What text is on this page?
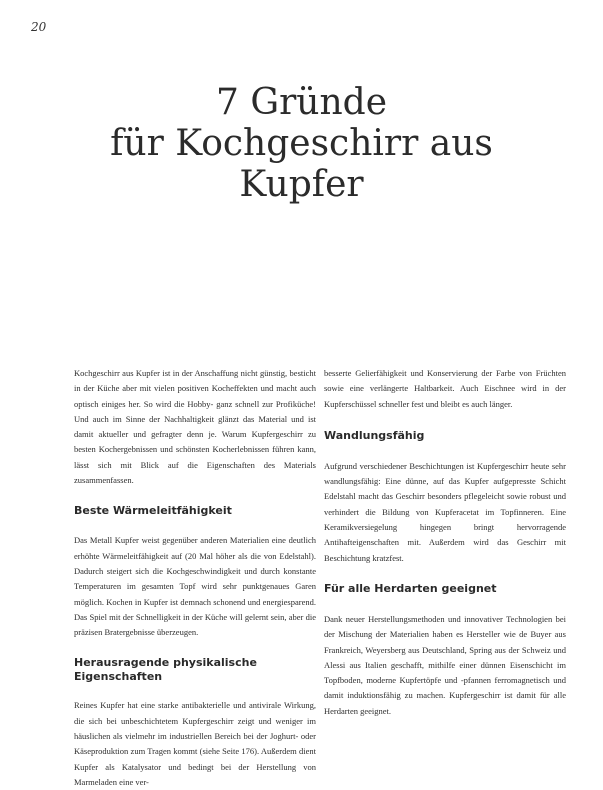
20
7 Gründe
für Kochgeschirr aus
Kupfer

Kochgeschirr aus Kupfer ist in der Anschaffung nicht günstig, besticht in der Küche aber mit vielen positiven Kocheffekten und macht auch optisch einiges her. So wird die Hobby- ganz schnell zur Profiküche! Und auch im Sinne der Nachhaltigkeit glänzt das Material und ist damit aktueller und gefragter denn je. Warum Kupfergeschirr zu besten Kochergebnissen und schönsten Kocherlebnissen führen kann, lässt sich mit Blick auf die Eigenschaften des Materials zusammenfassen.

Beste Wärmeleitfähigkeit

Das Metall Kupfer weist gegenüber anderen Materialien eine deutlich erhöhte Wärmeleitfähigkeit auf (20 Mal höher als die von Edelstahl). Dadurch steigert sich die Kochgeschwindigkeit und durch konstante Temperaturen im gesamten Topf wird sehr punktgenaues Garen möglich. Kochen in Kupfer ist demnach schonend und energiesparend. Das Spiel mit der Schnelligkeit in der Küche will gelernt sein, aber die präzisen Bratergebnisse überzeugen.

Herausragende physikalische Eigenschaften

Reines Kupfer hat eine starke antibakterielle und antivirale Wirkung, die sich bei unbeschichtetem Kupfergeschirr zeigt und weniger im häuslichen als vielmehr im industriellen Bereich bei der Joghurt- oder Käseproduktion zum Tragen kommt (siehe Seite 176). Außerdem dient Kupfer als Katalysator und bedingt bei der Herstellung von Marmeladen eine ver-

besserte Gelierfähigkeit und Konservierung der Farbe von Früchten sowie eine verlängerte Haltbarkeit. Auch Eischnee wird in der Kupferschüssel schneller fest und bleibt es auch länger.

Wandlungsfähig

Aufgrund verschiedener Beschichtungen ist Kupfergeschirr heute sehr wandlungsfähig: Eine dünne, auf das Kupfer aufgepresste Schicht Edelstahl macht das Geschirr besonders pflegeleicht sowie robust und verhindert die Bildung von Kupferacetat im Topfinneren. Eine Keramikversiegelung hingegen bringt hervorragende Antihafteigenschaften mit. Außerdem wird das Geschirr mit Beschichtung kratzfest.

Für alle Herdarten geeignet

Dank neuer Herstellungsmethoden und innovativer Technologien bei der Mischung der Materialien haben es Hersteller wie de Buyer aus Frankreich, Weyersberg aus Deutschland, Spring aus der Schweiz und Alessi aus Italien geschafft, mithilfe einer dünnen Eisenschicht im Topfboden, moderne Kupfertöpfe und -pfannen ferromagnetisch und damit induktionsfähig zu machen. Kupfergeschirr ist damit für alle Herdarten geeignet.
